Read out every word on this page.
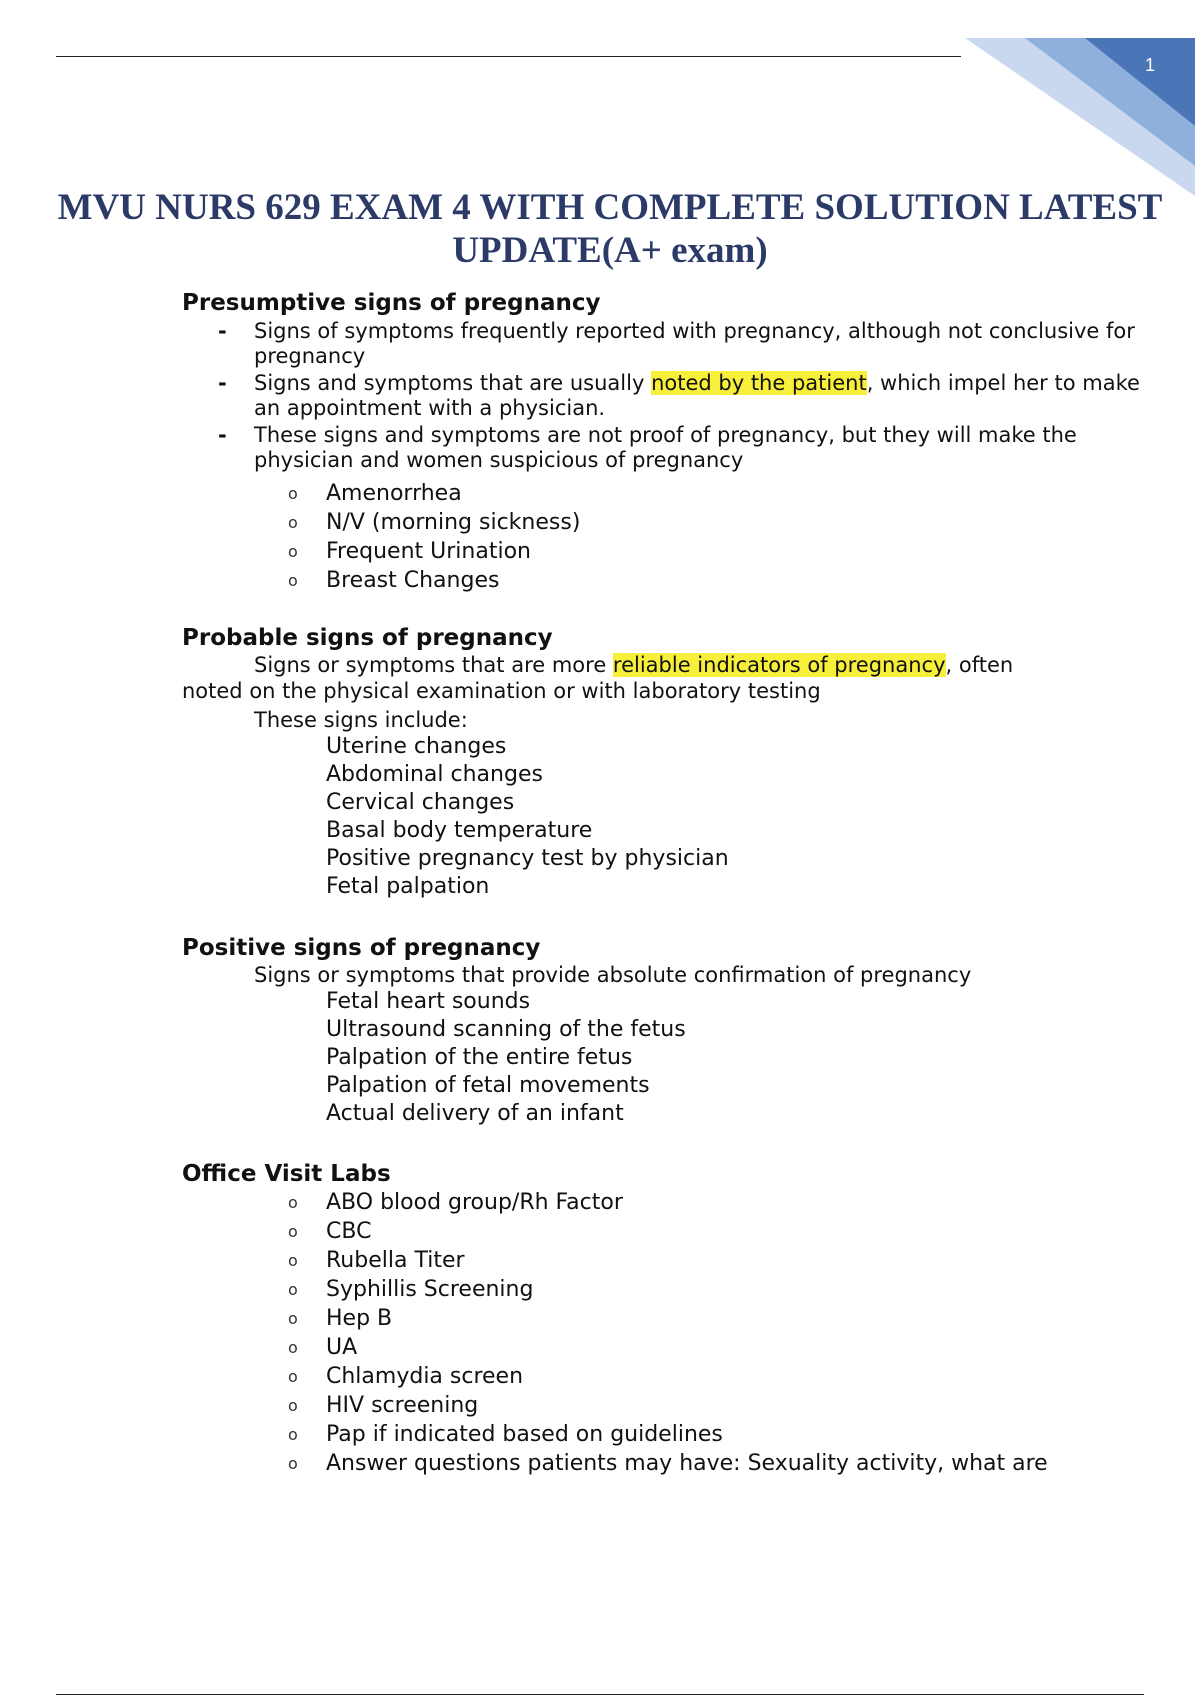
1
MVU NURS 629 EXAM 4 WITH COMPLETE SOLUTION LATEST
UPDATE(A+ exam)
Presumptive signs of pregnancy
- Signs of symptoms frequently reported with pregnancy, although not conclusive for pregnancy
- Signs and symptoms that are usually noted by the patient, which impel her to make an appointment with a physician.
- These signs and symptoms are not proof of pregnancy, but they will make the physician and women suspicious of pregnancy
o Amenorrhea
o N/V (morning sickness)
o Frequent Urination
o Breast Changes
Probable signs of pregnancy
Signs or symptoms that are more reliable indicators of pregnancy, often
noted on the physical examination or with laboratory testing
These signs include:
Uterine changes
Abdominal changes
Cervical changes
Basal body temperature
Positive pregnancy test by physician
Fetal palpation
Positive signs of pregnancy
Signs or symptoms that provide absolute confirmation of pregnancy
Fetal heart sounds
Ultrasound scanning of the fetus
Palpation of the entire fetus
Palpation of fetal movements
Actual delivery of an infant
Office Visit Labs
o ABO blood group/Rh Factor
o CBC
o Rubella Titer
o Syphillis Screening
o Hep B
o UA
o Chlamydia screen
o HIV screening
o Pap if indicated based on guidelines
o Answer questions patients may have: Sexuality activity, what are
